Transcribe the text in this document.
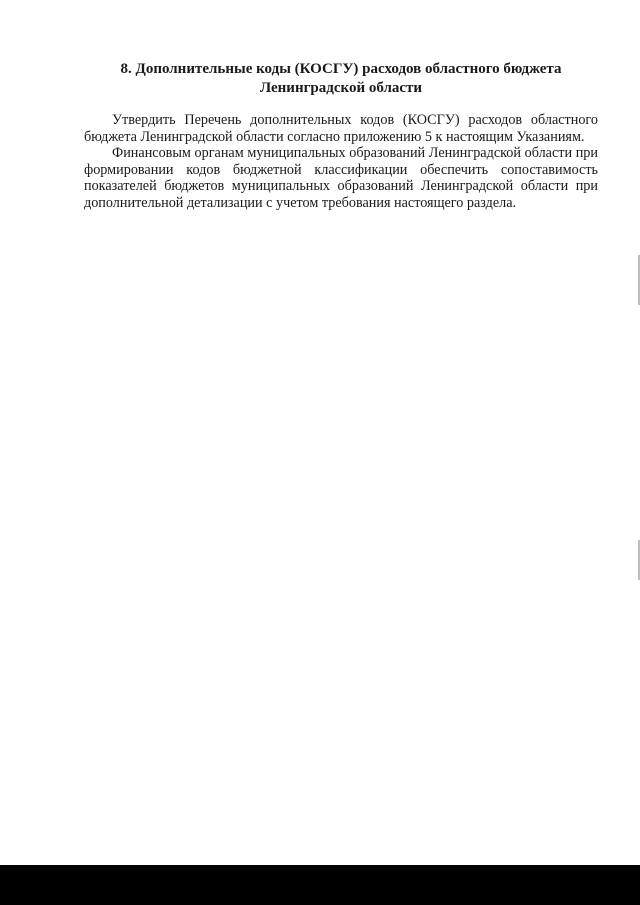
8. Дополнительные коды (КОСГУ) расходов областного бюджета
Ленинградской области

Утвердить Перечень дополнительных кодов (КОСГУ) расходов областного бюджета Ленинградской области согласно приложению 5 к настоящим Указаниям.

Финансовым органам муниципальных образований Ленинградской области при формировании кодов бюджетной классификации обеспечить сопоставимость показателей бюджетов муниципальных образований Ленинградской области при дополнительной детализации с учетом требования настоящего раздела.
